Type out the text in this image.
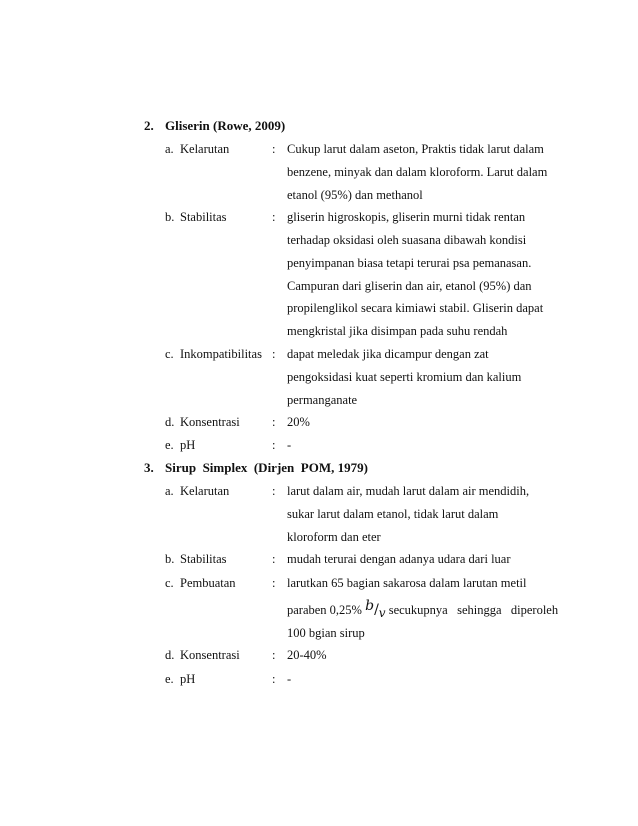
2. Gliserin (Rowe, 2009)
a. Kelarutan	: Cukup larut dalam aseton, Praktis tidak larut dalam
benzene, minyak dan dalam kloroform. Larut dalam
etanol (95%) dan methanol
b. Stabilitas	: gliserin higroskopis, gliserin murni tidak rentan
terhadap oksidasi oleh suasana dibawah kondisi
penyimpanan biasa tetapi terurai psa pemanasan.
Campuran dari gliserin dan air, etanol (95%) dan
propilenglikol secara kimiawi stabil. Gliserin dapat
mengkristal jika disimpan pada suhu rendah
c. Inkompatibilitas : dapat meledak jika dicampur dengan zat
pengoksidasi kuat seperti kromium dan kalium
permanganate
d. Konsentrasi	: 20%
e. pH	: -
3. Sirup  Simplex  (Dirjen  POM, 1979)
a. Kelarutan	: larut dalam air, mudah larut dalam air mendidih,
sukar larut dalam etanol, tidak larut dalam
kloroform dan eter
b. Stabilitas	: mudah terurai dengan adanya udara dari luar
c. Pembuatan	: larutkan 65 bagian sakarosa dalam larutan metil
paraben 0,25% b/v secukupnya   sehingga   diperoleh
100 bgian sirup
d. Konsentrasi	: 20-40%
e. pH	: -
